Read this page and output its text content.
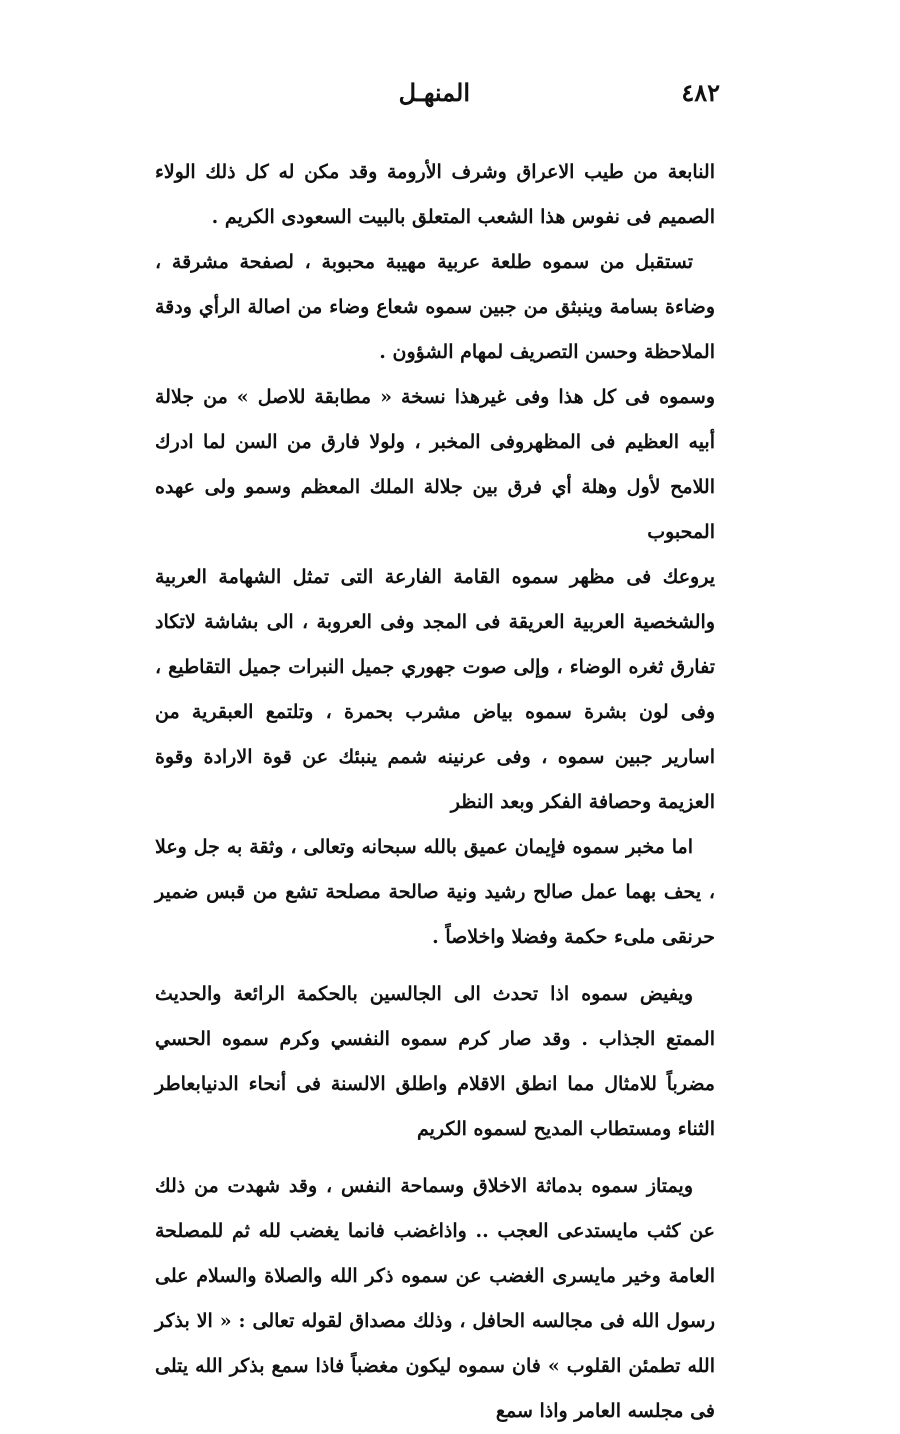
٤٨٢
المنهـل

النابعة من طيب الاعراق وشرف الأرومة وقد مكن له كل ذلك الولاء الصميم فى نفوس هذا الشعب المتعلق بالبيت السعودى الكريم .

تستقبل من سموه طلعة عربية مهيبة محبوبة ، لصفحة مشرقة ، وضاءة بسامة وينبثق من جبين سموه شعاع وضاء من اصالة الرأي ودقة الملاحظة وحسن التصريف لمهام الشؤون .

وسموه فى كل هذا وفى غيرهذا نسخة « مطابقة للاصل » من جلالة أبيه العظيم فى المظهروفى المخبر ، ولولا فارق من السن لما ادرك اللامح لأول وهلة أي فرق بين جلالة الملك المعظم وسمو ولى عهده المحبوب

يروعك فى مظهر سموه القامة الفارعة التى تمثل الشهامة العربية والشخصية العربية العريقة فى المجد وفى العروبة ، الى بشاشة لاتكاد تفارق ثغره الوضاء ، وإلى صوت جهوري جميل النبرات جميل التقاطيع ، وفى لون بشرة سموه بياض مشرب بحمرة ، وتلتمع العبقرية من اسارير جبين سموه ، وفى عرنينه شمم ينبئك عن قوة الارادة وقوة العزيمة وحصافة الفكر وبعد النظر

اما مخبر سموه فإيمان عميق بالله سبحانه وتعالى ، وثقة به جل وعلا ، يحف بهما عمل صالح رشيد ونية صالحة مصلحة تشع من قبس ضمير حرنقى ملىء حكمة وفضلا واخلاصاً .

ويفيض سموه اذا تحدث الى الجالسين بالحكمة الرائعة والحديث الممتع الجذاب . وقد صار كرم سموه النفسي وكرم سموه الحسي مضرباً للامثال مما انطق الاقلام واطلق الالسنة فى أنحاء الدنيابعاطر الثناء ومستطاب المديح لسموه الكريم

ويمتاز سموه بدماثة الاخلاق وسماحة النفس ، وقد شهدت من ذلك عن كثب مايستدعى العجب .. واذاغضب فانما يغضب لله ثم للمصلحة العامة وخير مايسرى الغضب عن سموه ذكر الله والصلاة والسلام على رسول الله فى مجالسه الحافل ، وذلك مصداق لقوله تعالى : « الا بذكر الله تطمئن القلوب » فان سموه ليكون مغضباً فاذا سمع بذكر الله يتلى فى مجلسه العامر واذا سمع
